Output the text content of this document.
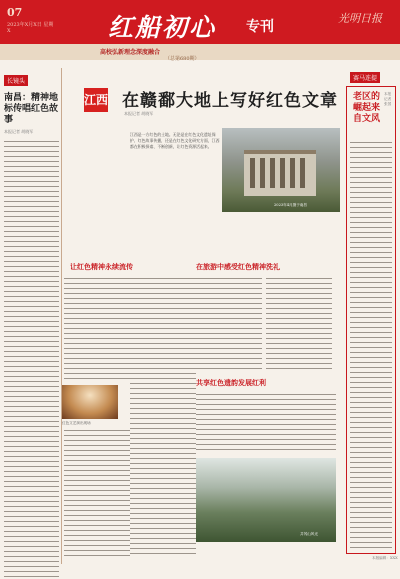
07
2023年X月X日 星期X	红船初心 专刊
光明日报
高校弘新理念深度融合
（总第680期）
长镜头
南昌：精神地标传唱红色故事
本报记者 胡晓军
江西 在赣鄱大地上写好红色文章
本报记者 胡晓军
江西是一方红色的土地。无论是在红色文化遗址保护、红色故事传播，还是在红色文化研究方面，江西都在积极探索、不断创新，让红色资源活起来。
2023年4月摄于南昌
让红色精神永续流传	在旅游中感受红色精神洗礼
共享红色遗韵发展红利
红色文艺演出现场
井冈山风光
赛马连提
老区的崛起来自文风
本报记者 张国
本版编辑：XXX
